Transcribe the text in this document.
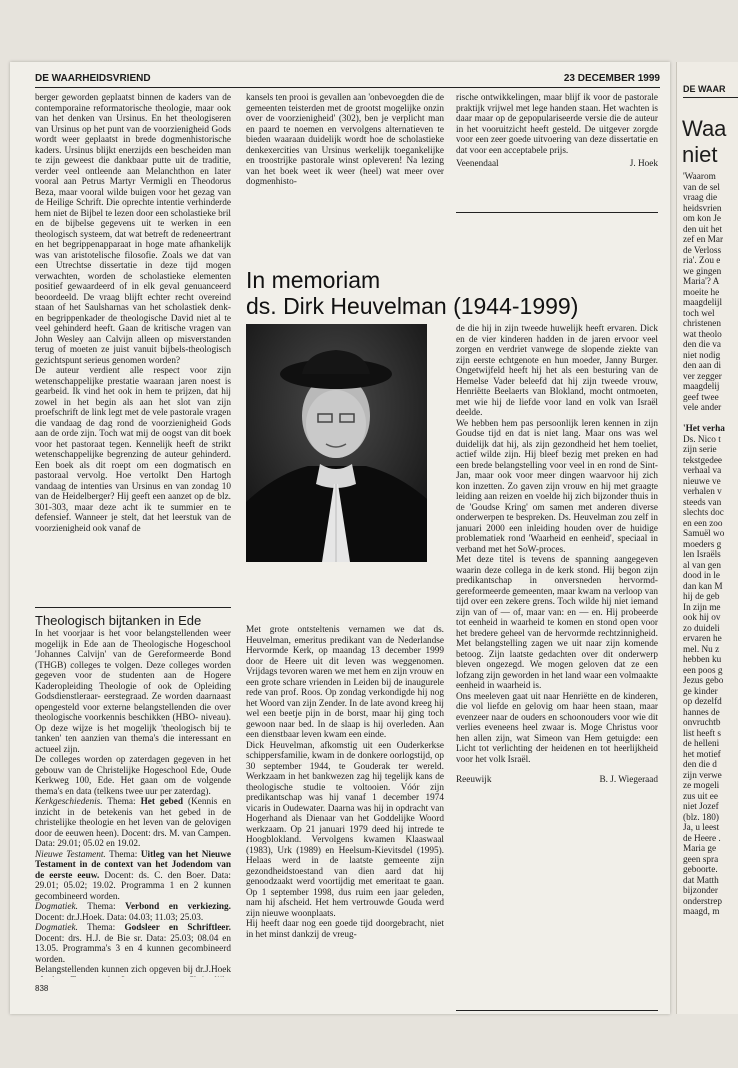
DE WAARHEIDSVRIEND	23 DECEMBER 1999

berger geworden geplaatst binnen de kaders van de contemporaine reformatorische theologie, maar ook van het denken van Ursinus. En het theologiseren van Ursinus op het punt van de voorzienigheid Gods wordt weer geplaatst in brede dogmenhistorische kaders. Ursinus blijkt enerzijds een bescheiden man te zijn geweest die dankbaar putte uit de traditie, verder veel ontleende aan Melanchthon en later vooral aan Petrus Martyr Vermigli en Theodorus Beza, maar vooral wilde buigen voor het gezag van de Heilige Schrift. Die oprechte intentie verhinderde hem niet de Bijbel te lezen door een scholastieke bril en de bijbelse gegevens uit te werken in een theologisch systeem, dat wat betreft de redeneertrant en het begrippenapparaat in hoge mate afhankelijk was van aristotelische filosofie. Zoals we dat van een Utrechtse dissertatie in deze tijd mogen verwachten, worden de scholastieke elementen positief gewaardeerd of in elk geval genuanceerd beoordeeld. De vraag blijft echter recht overeind staan of het Saulsharnas van het scholastiek denk- en begrippenkader de theologische David niet al te veel gehinderd heeft. Gaan de kritische vragen van John Wesley aan Calvijn alleen op misverstanden terug of moeten ze juist vanuit bijbels-theologisch gezichtspunt serieus genomen worden?

De auteur verdient alle respect voor zijn wetenschappelijke prestatie waaraan jaren noest is gearbeid. Ik vind het ook in hem te prijzen, dat hij zowel in het begin als aan het slot van zijn proefschrift de link legt met de vele pastorale vragen die vandaag de dag rond de voorzienigheid Gods aan de orde zijn. Toch wat mij de oogst van dit boek voor het pastoraat tegen. Kennelijk heeft de strikt wetenschappelijke begrenzing de auteur gehinderd. Een boek als dit roept om een dogmatisch en pastoraal vervolg. Hoe vertolkt Den Hartogh vandaag de intenties van Ursinus en van zondag 10 van de Heidelberger? Hij geeft een aanzet op de blz. 301-303, maar deze acht ik te summier en te defensief. Wanneer je stelt, dat het leerstuk van de voorzienigheid ook vanaf de

kansels ten prooi is gevallen aan 'onbevoegden die de gemeenten teisterden met de grootst mogelijke onzin over de voorzienigheid' (302), ben je verplicht man en paard te noemen en vervolgens alternatieven te bieden waaraan duidelijk wordt hoe de scholastieke denkexercities van Ursinus werkelijk toegankelijke en troostrijke pastorale winst opleveren! Na lezing van het boek weet ik weer (heel) wat meer over dogmenhisto-

rische ontwikkelingen, maar blijf ik voor de pastorale praktijk vrijwel met lege handen staan. Het wachten is daar maar op de gepopulariseerde versie die de auteur in het vooruitzicht heeft gesteld. De uitgever zorgde voor een zeer goede uitvoering van deze dissertatie en dat voor een acceptabele prijs.

Veenendaal	J. Hoek
In memoriam
ds. Dirk Heuvelman (1944-1999)
Theologisch bijtanken in Ede

In het voorjaar is het voor belangstellenden weer mogelijk in Ede aan de Theologische Hogeschool 'Johannes Calvijn' van de Gereformeerde Bond (THGB) colleges te volgen. Deze colleges worden gegeven voor de studenten aan de Hogere Kaderopleiding Theologie of ook de Opleiding Godsdienstleraar- eerstegraad. Ze worden daarnaast opengesteld voor externe belangstellenden die over theologische voorkennis beschikken (HBO- niveau). Op deze wijze is het mogelijk 'theologisch bij te tanken' ten aanzien van thema's die interessant en actueel zijn.

De colleges worden op zaterdagen gegeven in het gebouw van de Christelijke Hogeschool Ede, Oude Kerkweg 100, Ede. Het gaan om de volgende thema's en data (telkens twee uur per zaterdag).

Kerkgeschiedenis. Thema: Het gebed (Kennis en inzicht in de betekenis van het gebed in de christelijke theologie en het leven van de gelovigen door de eeuwen heen). Docent: drs. M. van Campen. Data: 29.01; 05.02 en 19.02.

Nieuwe Testament. Thema: Uitleg van het Nieuwe Testament in de context van het Jodendom van de eerste eeuw. Docent: ds. C. den Boer. Data: 29.01; 05.02; 19.02. Programma 1 en 2 kunnen gecombineerd worden.

Dogmatiek. Thema: Verbond en verkiezing. Docent: dr.J.Hoek. Data: 04.03; 11.03; 25.03.

Dogmatiek. Thema: Godsleer en Schriftleer. Docent: drs. H.J. de Bie sr. Data: 25.03; 08.04 en 13.05. Programma's 3 en 4 kunnen gecombineerd worden.

Belangstellenden kunnen zich opgeven bij dr.J.Hoek

Met grote ontsteltenis vernamen we dat ds. Heuvelman, emeritus predikant van de Nederlandse Hervormde Kerk, op maandag 13 december 1999 door de Heere uit dit leven was weggenomen. Vrijdags tevoren waren we met hem en zijn vrouw en een grote schare vrienden in Leiden bij de inaugurele rede van prof. Roos. Op zondag verkondigde hij nog het Woord van zijn Zender. In de late avond kreeg hij wel een beetje pijn in de borst, maar hij ging toch gewoon naar bed. In de slaap is hij overleden. Aan een dienstbaar leven kwam een einde.

Dick Heuvelman, afkomstig uit een Ouderkerkse schippersfamilie, kwam in de donkere oorlogstijd, op 30 september 1944, te Gouderak ter wereld. Werkzaam in het bankwezen zag hij tegelijk kans de theologische studie te voltooien. Vóór zijn predikantschap was hij vanaf 1 december 1974 vicaris in Oudewater. Daarna was hij in opdracht van Hogerhand als Dienaar van het Goddelijke Woord werkzaam. Op 21 januari 1979 deed hij intrede te Hoogblokland. Vervolgens kwamen Klaaswaal (1983), Urk (1989) en Heelsum-Kievitsdel (1995). Helaas werd in de laatste gemeente zijn gezondheidstoestand van dien aard dat hij genoodzaakt werd voortijdig met emeritaat te gaan. Op 1 september 1998, dus ruim een jaar geleden, nam hij afscheid. Het hem vertrouwde Gouda werd zijn nieuwe woonplaats.

Hij heeft daar nog een goede tijd doorgebracht, niet in het minst dankzij de vreug-

de die hij in zijn tweede huwelijk heeft ervaren. Dick en de vier kinderen hadden in de jaren ervoor veel zorgen en verdriet vanwege de slopende ziekte van zijn eerste echtgenote en hun moeder, Janny Burger. Ongetwijfeld heeft hij het als een besturing van de Hemelse Vader beleefd dat hij zijn tweede vrouw, Henriëtte Beelaerts van Blokland, mocht ontmoeten, met wie hij de liefde voor land en volk van Israël deelde.

We hebben hem pas persoonlijk leren kennen in zijn Goudse tijd en dat is niet lang. Maar ons was wel duidelijk dat hij, als zijn gezondheid het hem toeliet, actief wilde zijn. Hij bleef bezig met preken en had een brede belangstelling voor veel in en rond de Sint-Jan, maar ook voor meer dingen waarvoor hij zich kon inzetten. Zo gaven zijn vrouw en hij met graagte leiding aan reizen en voelde hij zich bijzonder thuis in de 'Goudse Kring' om samen met anderen diverse onderwerpen te bespreken. Ds. Heuvelman zou zelf in januari 2000 een inleiding houden over de huidige problematiek rond 'Waarheid en eenheid', speciaal in verband met het SoW-proces.

Met deze titel is tevens de spanning aangegeven waarin deze collega in de kerk stond. Hij begon zijn predikantschap in onversneden hervormd-gereformeerde gemeenten, maar kwam na verloop van tijd over een zekere grens. Toch wilde hij niet iemand zijn van of — of, maar van: en — en. Hij probeerde tot eenheid in waarheid te komen en stond open voor het bredere geheel van de hervormde rechtzinnigheid. Met belangstelling zagen we uit naar zijn komende betoog. Zijn laatste gedachten over dit onderwerp bleven ongezegd. We mogen geloven dat ze een lofzang zijn geworden in het land waar een volmaakte eenheid in waarheid is.

Ons meeleven gaat uit naar Henriëtte en de kinderen, die vol liefde en gelovig om haar heen staan, maar evenzeer naar de ouders en schoonouders voor wie dit verlies eveneens heel zwaar is. Moge Christus voor hen allen zijn, wat Simeon van Hem getuigde: een Licht tot verlichting der heidenen en tot heerlijkheid voor het volk Israël.

Reeuwijk	B. J. Wiegeraad
838
DE WAAR
Waa
niet
'Waarom
van de sel
vraag die
heidsvrien
om kon Je
den uit het
zef en Mar
de Verloss
ria'. Zou e
we gingen
Maria'? A
moeite he
maagdelijl
toch wel
christenen
wat theolo
den die va
niet nodig
den aan di
ver zegger
maagdelij
geef twee
vele ander
'Het verha
Ds. Nico t
zijn serie
tekstgedee
verhaal va
nieuwe ve
verhalen v
steeds van
slechts doc
en een zoo
Samuël wo
moeders g
len Israëls
al van gen
dood in le
dan kan M
hij de geb
In zijn me
ook hij ov
zo duideli
ervaren he
mel. Nu z
hebben ku
een poos g
Jezus gebo
ge kinder
op dezelfd
hannes de
onvruchtb
list heeft s
de helleni
het motief
den die d
zijn verwe
ze mogeli
zus uit ee
niet Jozef
(blz. 180)
Ja, u leest
de Heere .
Maria ge
geen spra
geboorte.
dat Matth
bijzonder
onderstrep
maagd, m
